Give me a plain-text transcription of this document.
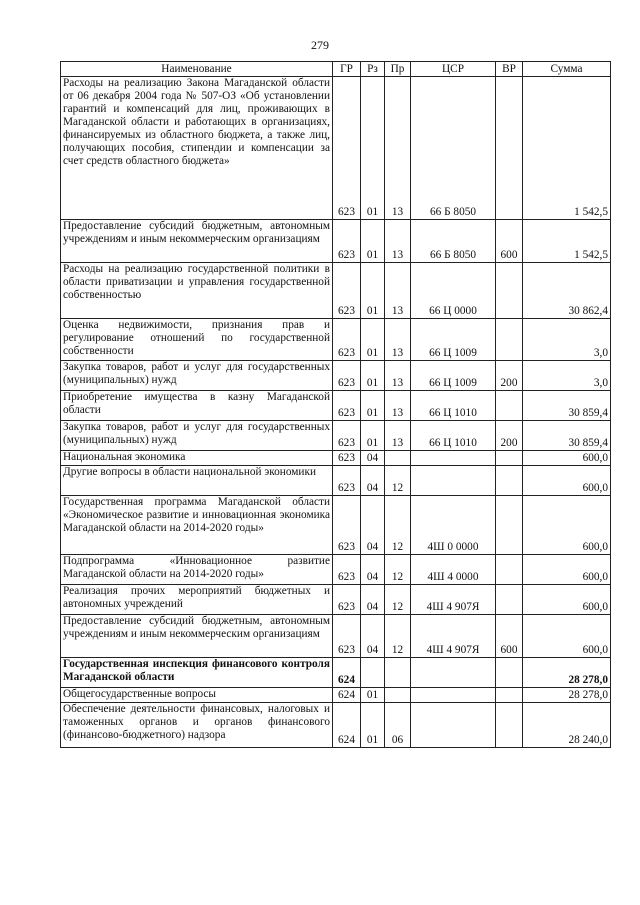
279
Наименование	ГР	Рз	Пр	ЦСР	ВР	Сумма
Расходы на реализацию Закона Магаданской области от 06 декабря 2004 года № 507-ОЗ «Об установлении гарантий и компенсаций для лиц, проживающих в Магаданской области и работающих в организациях, финансируемых из областного бюджета, а также лиц, получающих пособия, стипендии и компенсации за счет средств областного бюджета»	623	01	13	66 Б 8050		1 542,5
Предоставление субсидий бюджетным, автономным учреждениям и иным некоммерческим организациям	623	01	13	66 Б 8050	600	1 542,5
Расходы на реализацию государственной политики в области приватизации и управления государственной собственностью	623	01	13	66 Ц 0000		30 862,4
Оценка недвижимости, признания прав и регулирование отношений по государственной собственности	623	01	13	66 Ц 1009		3,0
Закупка товаров, работ и услуг для государственных (муниципальных) нужд	623	01	13	66 Ц 1009	200	3,0
Приобретение имущества в казну Магаданской области	623	01	13	66 Ц 1010		30 859,4
Закупка товаров, работ и услуг для государственных (муниципальных) нужд	623	01	13	66 Ц 1010	200	30 859,4
Национальная экономика	623	04				600,0
Другие вопросы в области национальной экономики	623	04	12			600,0
Государственная программа Магаданской области «Экономическое развитие и инновационная экономика Магаданской области на 2014-2020 годы»	623	04	12	4Ш 0 0000		600,0
Подпрограмма «Инновационное развитие Магаданской области на 2014-2020 годы»	623	04	12	4Ш 4 0000		600,0
Реализация прочих мероприятий бюджетных и автономных учреждений	623	04	12	4Ш 4 907Я		600,0
Предоставление субсидий бюджетным, автономным учреждениям и иным некоммерческим организациям	623	04	12	4Ш 4 907Я	600	600,0
Государственная инспекция финансового контроля Магаданской области	624					28 278,0
Общегосударственные вопросы	624	01				28 278,0
Обеспечение деятельности финансовых, налоговых и таможенных органов и органов финансового (финансово-бюджетного) надзора	624	01	06			28 240,0
